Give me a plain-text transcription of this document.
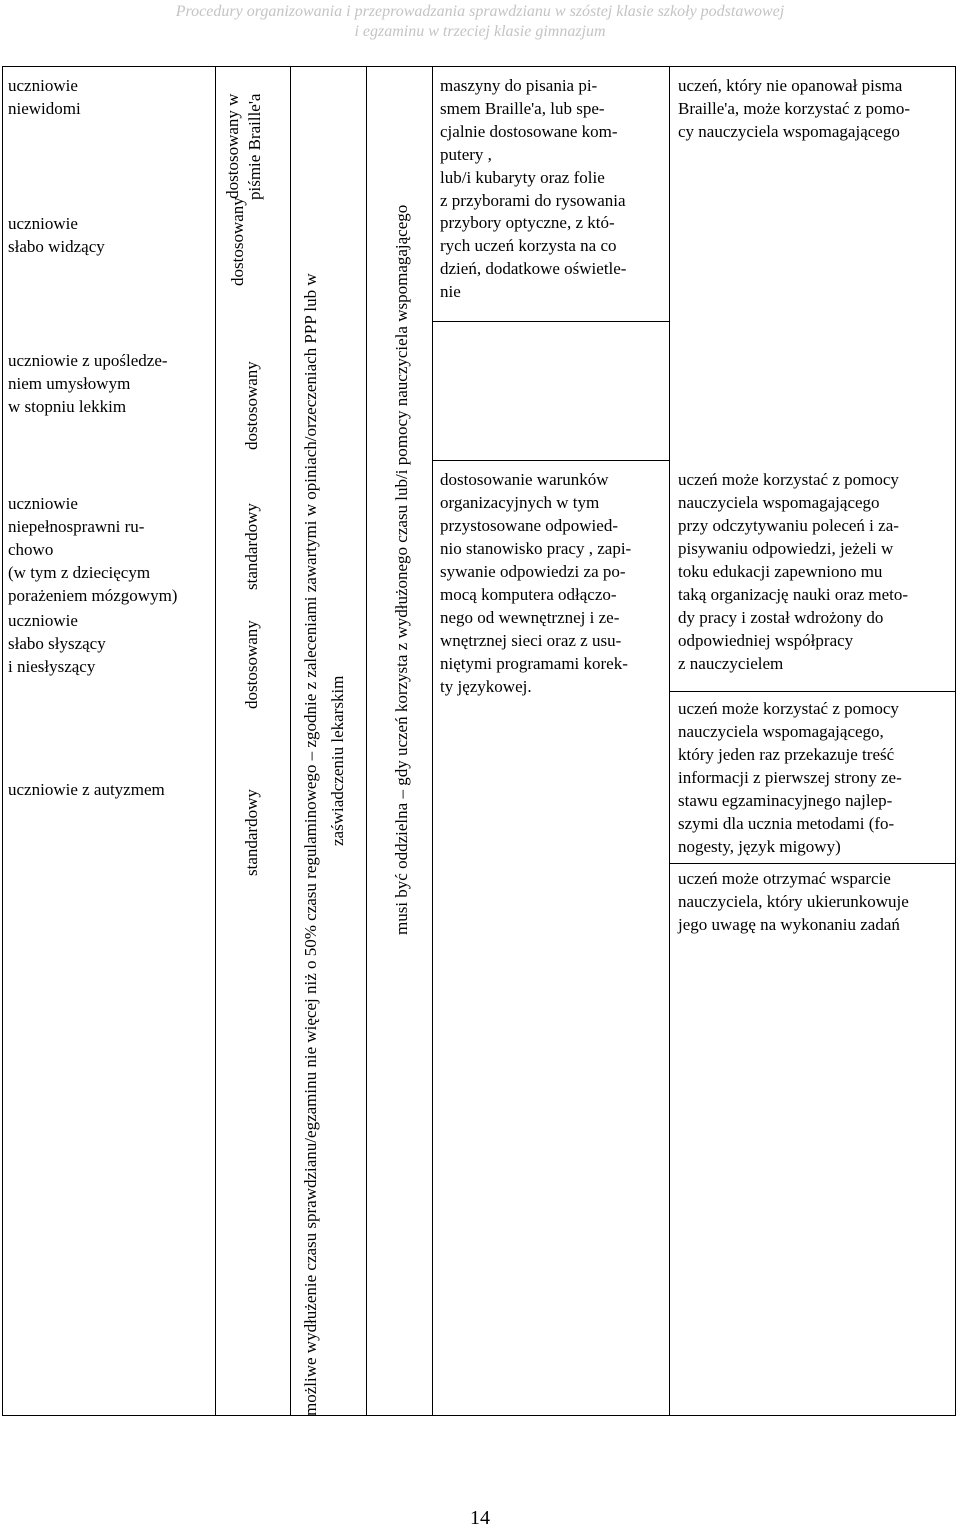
Procedury organizowania i przeprowadzania sprawdzianu w szóstej klasie szkoły podstawowej
i egzaminu w trzeciej klasie gimnazjum
uczniowie
niewidomi
uczniowie
słabo widzący
uczniowie z upośledze-
niem umysłowym
w stopniu lekkim
uczniowie
niepełnosprawni ru-
chowo
(w tym z dziecięcym
porażeniem mózgowym)
uczniowie
słabo słyszący
i niesłyszący
uczniowie z autyzmem
dostosowany w
piśmie Braille'a
dostosowany
dostosowany
standardowy
dostosowany
standardowy możliwe wydłużenie czasu sprawdzianu/egzaminu nie więcej niż o 50% czasu regulaminowego – zgodnie z zaleceniami zawartymi w opiniach/orzeczeniach PPP lub w zaświadczeniu lekarskim	musi być oddzielna – gdy uczeń korzysta z wydłużonego czasu lub/i pomocy nauczyciela wspomagającego
maszyny do pisania pi-
smem Braille'a, lub spe-
cjalnie dostosowane kom-
putery ,
lub/i kubaryty oraz folie
z przyborami do rysowania
przybory optyczne, z któ-
rych uczeń korzysta na co
dzień, dodatkowe oświetle-
nie
dostosowanie warunków
organizacyjnych w tym
przystosowane odpowied-
nio stanowisko pracy , zapi-
sywanie odpowiedzi za po-
mocą komputera odłączo-
nego od wewnętrznej i ze-
wnętrznej sieci oraz z usu-
niętymi programami korek-
ty językowej.
uczeń, który nie opanował pisma
Braille'a, może korzystać z pomo-
cy nauczyciela wspomagającego
uczeń może korzystać z pomocy
nauczyciela wspomagającego
przy odczytywaniu poleceń i za-
pisywaniu odpowiedzi, jeżeli w
toku edukacji zapewniono mu
taką organizację nauki oraz meto-
dy pracy i został wdrożony do
odpowiedniej współpracy
z nauczycielem
uczeń może korzystać z pomocy
nauczyciela wspomagającego,
który jeden raz przekazuje treść
informacji z pierwszej strony ze-
stawu egzaminacyjnego najlep-
szymi dla ucznia metodami (fo-
nogesty, język migowy)
uczeń może otrzymać wsparcie
nauczyciela, który ukierunkowuje
jego uwagę na wykonaniu zadań
14
